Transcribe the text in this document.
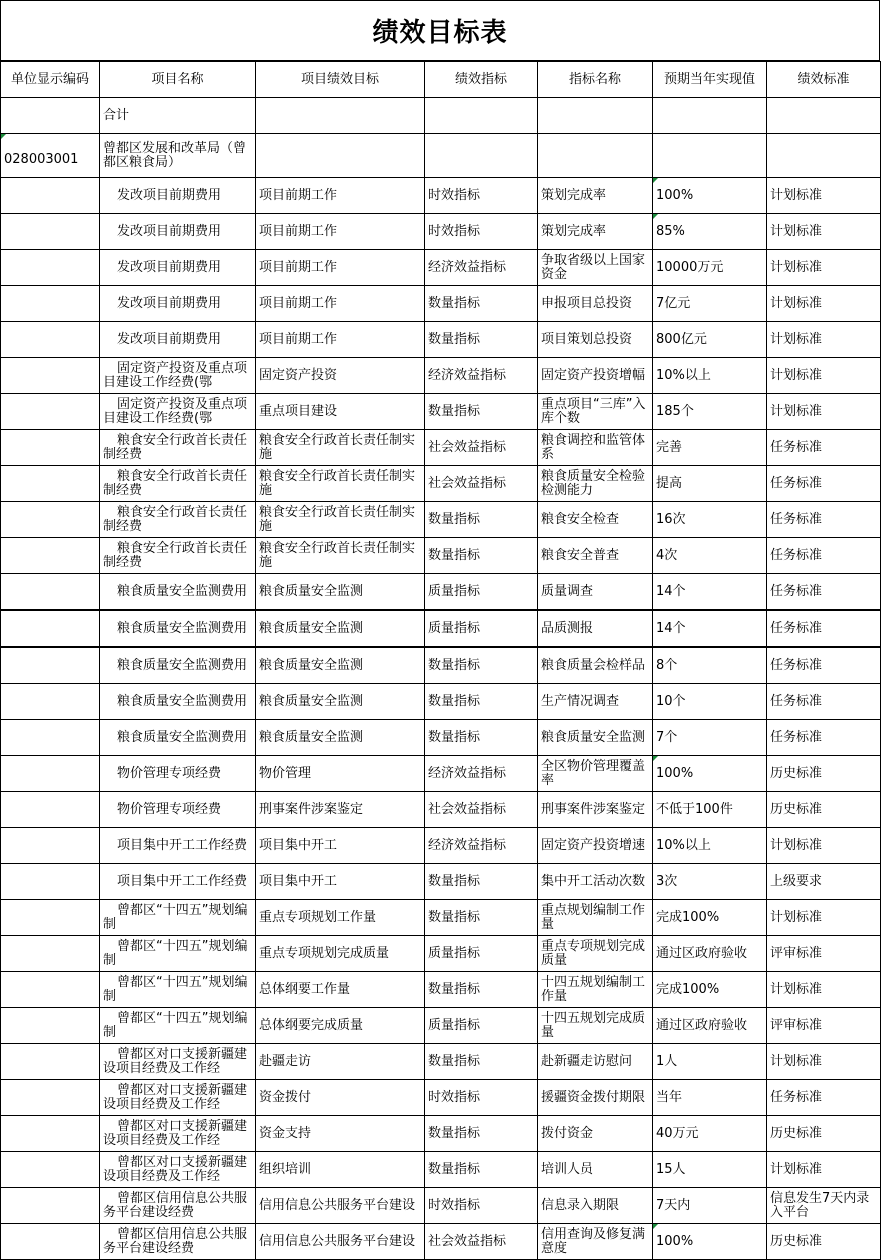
绩效目标表
单位显示编码	项目名称	项目绩效目标	绩效指标	指标名称	预期当年实现值	绩效标准
	合计					
028003001	曾都区发展和改革局（曾都区粮食局）					
	发改项目前期费用	项目前期工作	时效指标	策划完成率	100%	计划标准
	发改项目前期费用	项目前期工作	时效指标	策划完成率	85%	计划标准
	发改项目前期费用	项目前期工作	经济效益指标	争取省级以上国家资金	10000万元	计划标准
	发改项目前期费用	项目前期工作	数量指标	申报项目总投资	7亿元	计划标准
	发改项目前期费用	项目前期工作	数量指标	项目策划总投资	800亿元	计划标准
	固定资产投资及重点项目建设工作经费(鄂	固定资产投资	经济效益指标	固定资产投资增幅	10%以上	计划标准
	固定资产投资及重点项目建设工作经费(鄂	重点项目建设	数量指标	重点项目“三库”入库个数	185个	计划标准
	粮食安全行政首长责任制经费	粮食安全行政首长责任制实施	社会效益指标	粮食调控和监管体系	完善	任务标准
	粮食安全行政首长责任制经费	粮食安全行政首长责任制实施	社会效益指标	粮食质量安全检验检测能力	提高	任务标准
	粮食安全行政首长责任制经费	粮食安全行政首长责任制实施	数量指标	粮食安全检查	16次	任务标准
	粮食安全行政首长责任制经费	粮食安全行政首长责任制实施	数量指标	粮食安全普查	4次	任务标准
	粮食质量安全监测费用	粮食质量安全监测	质量指标	质量调查	14个	任务标准
	粮食质量安全监测费用	粮食质量安全监测	质量指标	品质测报	14个	任务标准
	粮食质量安全监测费用	粮食质量安全监测	数量指标	粮食质量会检样品	8个	任务标准
	粮食质量安全监测费用	粮食质量安全监测	数量指标	生产情况调查	10个	任务标准
	粮食质量安全监测费用	粮食质量安全监测	数量指标	粮食质量安全监测	7个	任务标准
	物价管理专项经费	物价管理	经济效益指标	全区物价管理覆盖率	100%	历史标准
	物价管理专项经费	刑事案件涉案鉴定	社会效益指标	刑事案件涉案鉴定	不低于100件	历史标准
	项目集中开工工作经费	项目集中开工	经济效益指标	固定资产投资增速	10%以上	计划标准
	项目集中开工工作经费	项目集中开工	数量指标	集中开工活动次数	3次	上级要求
	曾都区“十四五”规划编制	重点专项规划工作量	数量指标	重点规划编制工作量	完成100%	计划标准
	曾都区“十四五”规划编制	重点专项规划完成质量	质量指标	重点专项规划完成质量	通过区政府验收	评审标准
	曾都区“十四五”规划编制	总体纲要工作量	数量指标	十四五规划编制工作量	完成100%	计划标准
	曾都区“十四五”规划编制	总体纲要完成质量	质量指标	十四五规划完成质量	通过区政府验收	评审标准
	曾都区对口支援新疆建设项目经费及工作经	赴疆走访	数量指标	赴新疆走访慰问	1人	计划标准
	曾都区对口支援新疆建设项目经费及工作经	资金拨付	时效指标	援疆资金拨付期限	当年	任务标准
	曾都区对口支援新疆建设项目经费及工作经	资金支持	数量指标	拨付资金	40万元	历史标准
	曾都区对口支援新疆建设项目经费及工作经	组织培训	数量指标	培训人员	15人	计划标准
	曾都区信用信息公共服务平台建设经费	信用信息公共服务平台建设	时效指标	信息录入期限	7天内	信息发生7天内录入平台
	曾都区信用信息公共服务平台建设经费	信用信息公共服务平台建设	社会效益指标	信用查询及修复满意度	100%	历史标准
